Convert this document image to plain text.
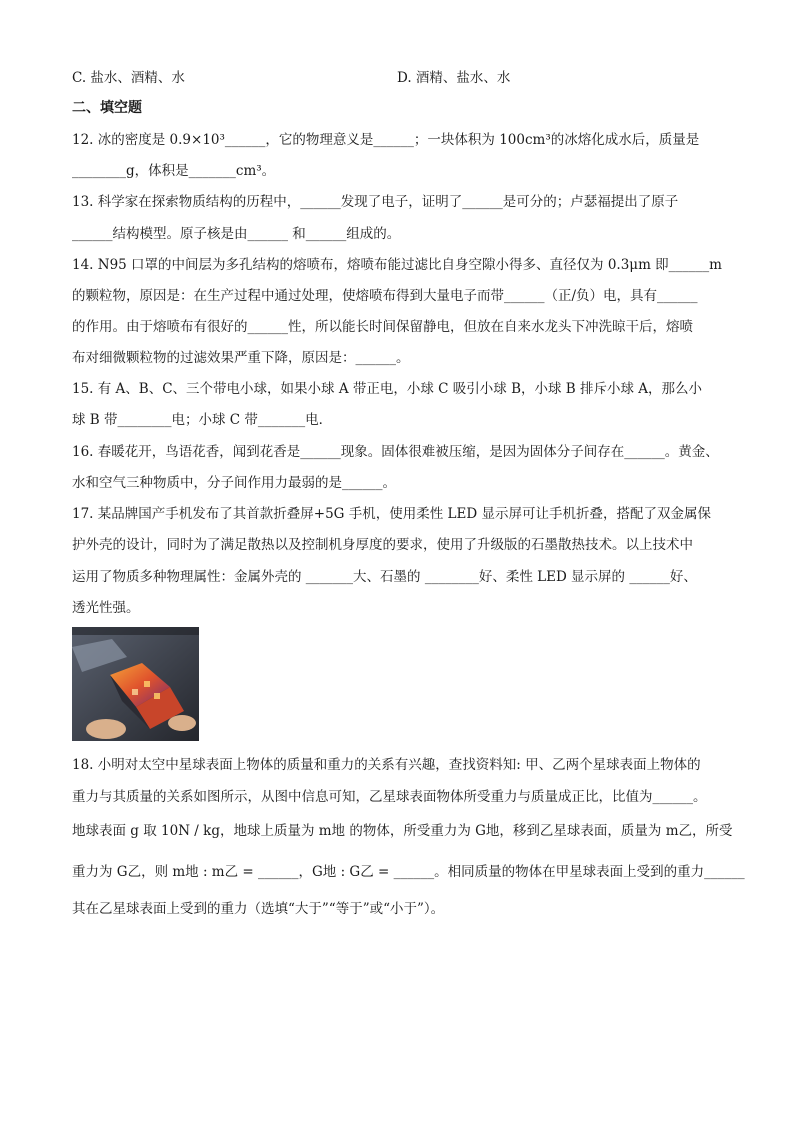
C. 盐水、酒精、水	D. 酒精、盐水、水
二、填空题
12. 冰的密度是 0.9×10³______，它的物理意义是______；一块体积为 100cm³的冰熔化成水后，质量是
________g，体积是_______cm³。
13. 科学家在探索物质结构的历程中，______发现了电子，证明了______是可分的；卢瑟福提出了原子
______结构模型。原子核是由______ 和______组成的。
14. N95 口罩的中间层为多孔结构的熔喷布，熔喷布能过滤比自身空隙小得多、直径仅为 0.3μm 即______m
的颗粒物，原因是：在生产过程中通过处理，使熔喷布得到大量电子而带______（正/负）电，具有______
的作用。由于熔喷布有很好的______性，所以能长时间保留静电，但放在自来水龙头下冲洗晾干后，熔喷
布对细微颗粒物的过滤效果严重下降，原因是：______。
15. 有 A、B、C、三个带电小球，如果小球 A 带正电，小球 C 吸引小球 B，小球 B 排斥小球 A，那么小
球 B 带________电；小球 C 带_______电．
16. 春暖花开，鸟语花香，闻到花香是______现象。固体很难被压缩，是因为固体分子间存在______。黄金、
水和空气三种物质中，分子间作用力最弱的是______。
17. 某品牌国产手机发布了其首款折叠屏+5G 手机，使用柔性 LED 显示屏可让手机折叠，搭配了双金属保
护外壳的设计，同时为了满足散热以及控制机身厚度的要求，使用了升级版的石墨散热技术。以上技术中
运用了物质多种物理属性：金属外壳的 _______大、石墨的 ________好、柔性 LED 显示屏的 ______好、
透光性强。
18. 小明对太空中星球表面上物体的质量和重力的关系有兴趣，查找资料知: 甲、乙两个星球表面上物体的
重力与其质量的关系如图所示，从图中信息可知，乙星球表面物体所受重力与质量成正比，比值为______。
地球表面 g 取 10N / kg，地球上质量为 m地 的物体，所受重力为 G地，移到乙星球表面，质量为 m乙，所受
重力为 G乙，则 m地 : m乙 = ______，G地 : G乙 = ______。相同质量的物体在甲星球表面上受到的重力______
其在乙星球表面上受到的重力（选填“大于”“等于”或“小于”）。
